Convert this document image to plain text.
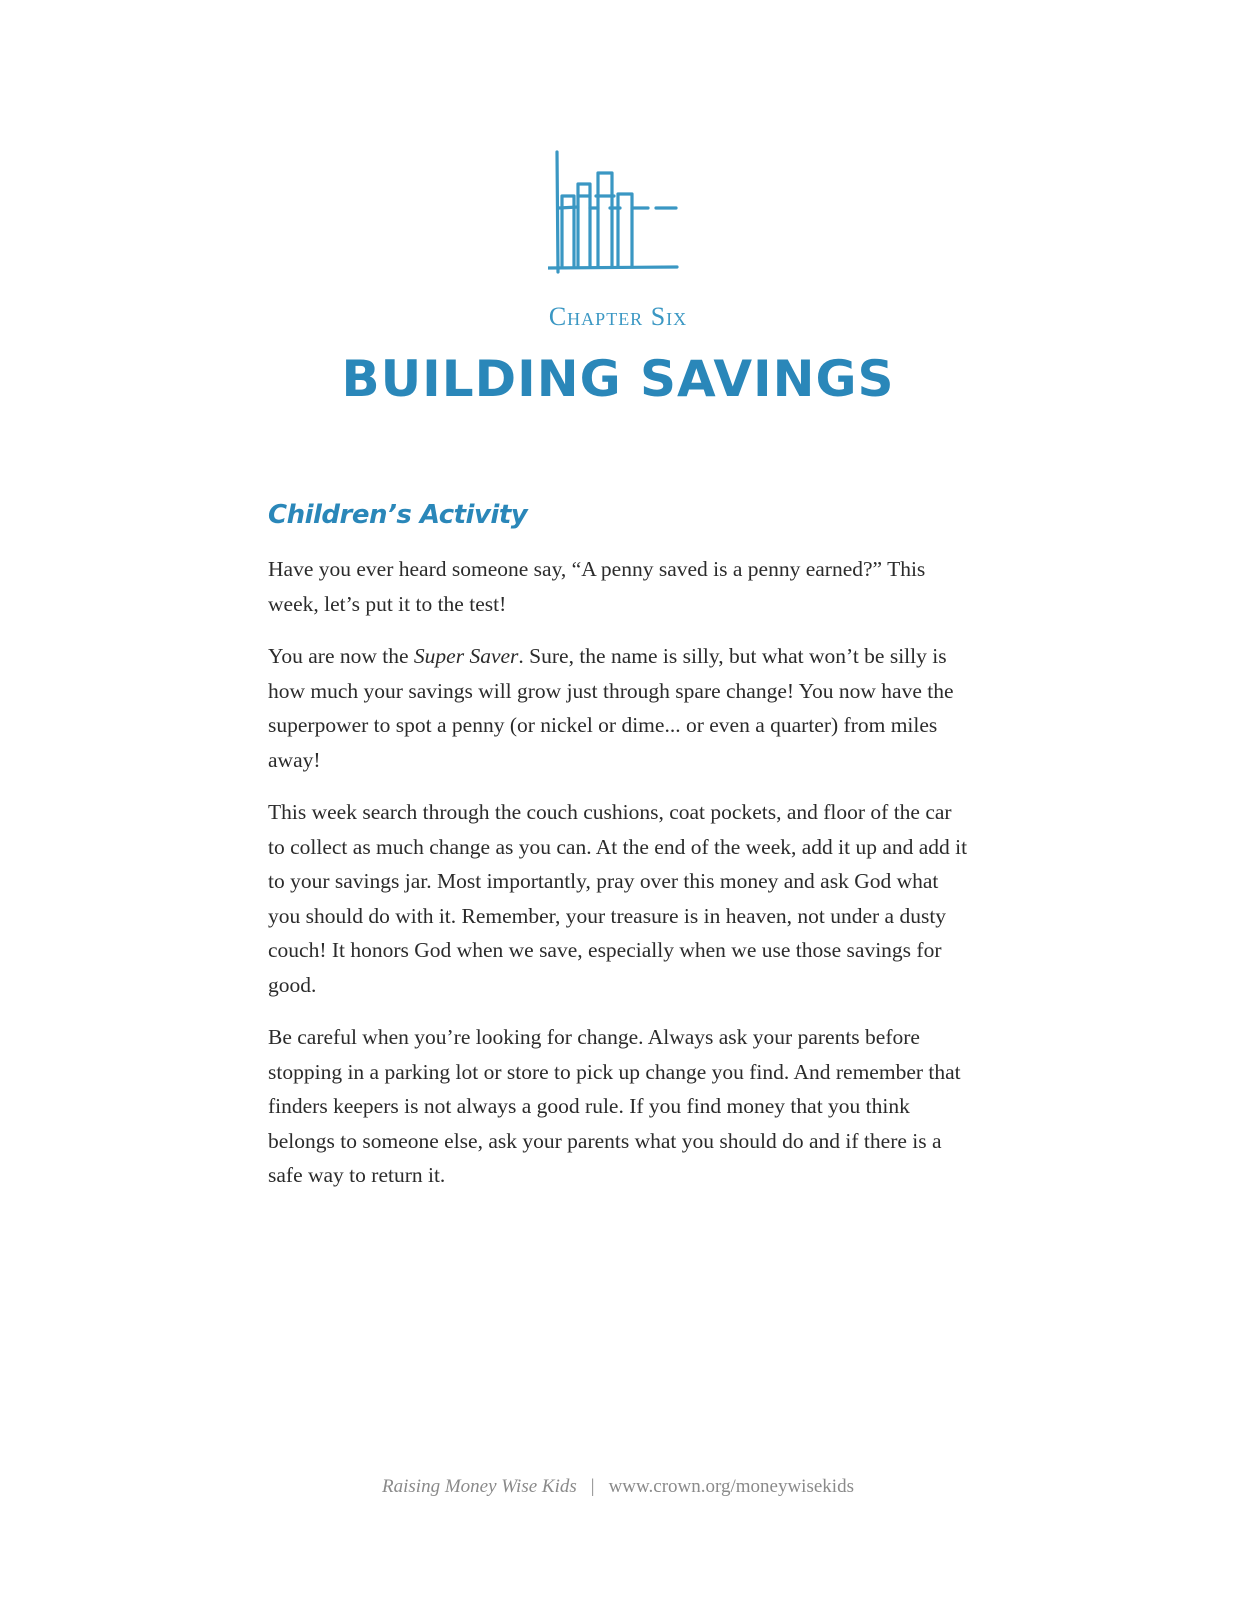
Chapter Six
BUILDING SAVINGS
Children’s Activity

Have you ever heard someone say, “A penny saved is a penny earned?” This week, let’s put it to the test!

You are now the Super Saver. Sure, the name is silly, but what won’t be silly is how much your savings will grow just through spare change! You now have the superpower to spot a penny (or nickel or dime... or even a quarter) from miles away!

This week search through the couch cushions, coat pockets, and floor of the car to collect as much change as you can. At the end of the week, add it up and add it to your savings jar. Most importantly, pray over this money and ask God what you should do with it. Remember, your treasure is in heaven, not under a dusty couch! It honors God when we save, especially when we use those savings for good.

Be careful when you’re looking for change. Always ask your parents before stopping in a parking lot or store to pick up change you find. And remember that finders keepers is not always a good rule. If you find money that you think belongs to someone else, ask your parents what you should do and if there is a safe way to return it.

Raising Money Wise Kids | www.crown.org/moneywisekids
